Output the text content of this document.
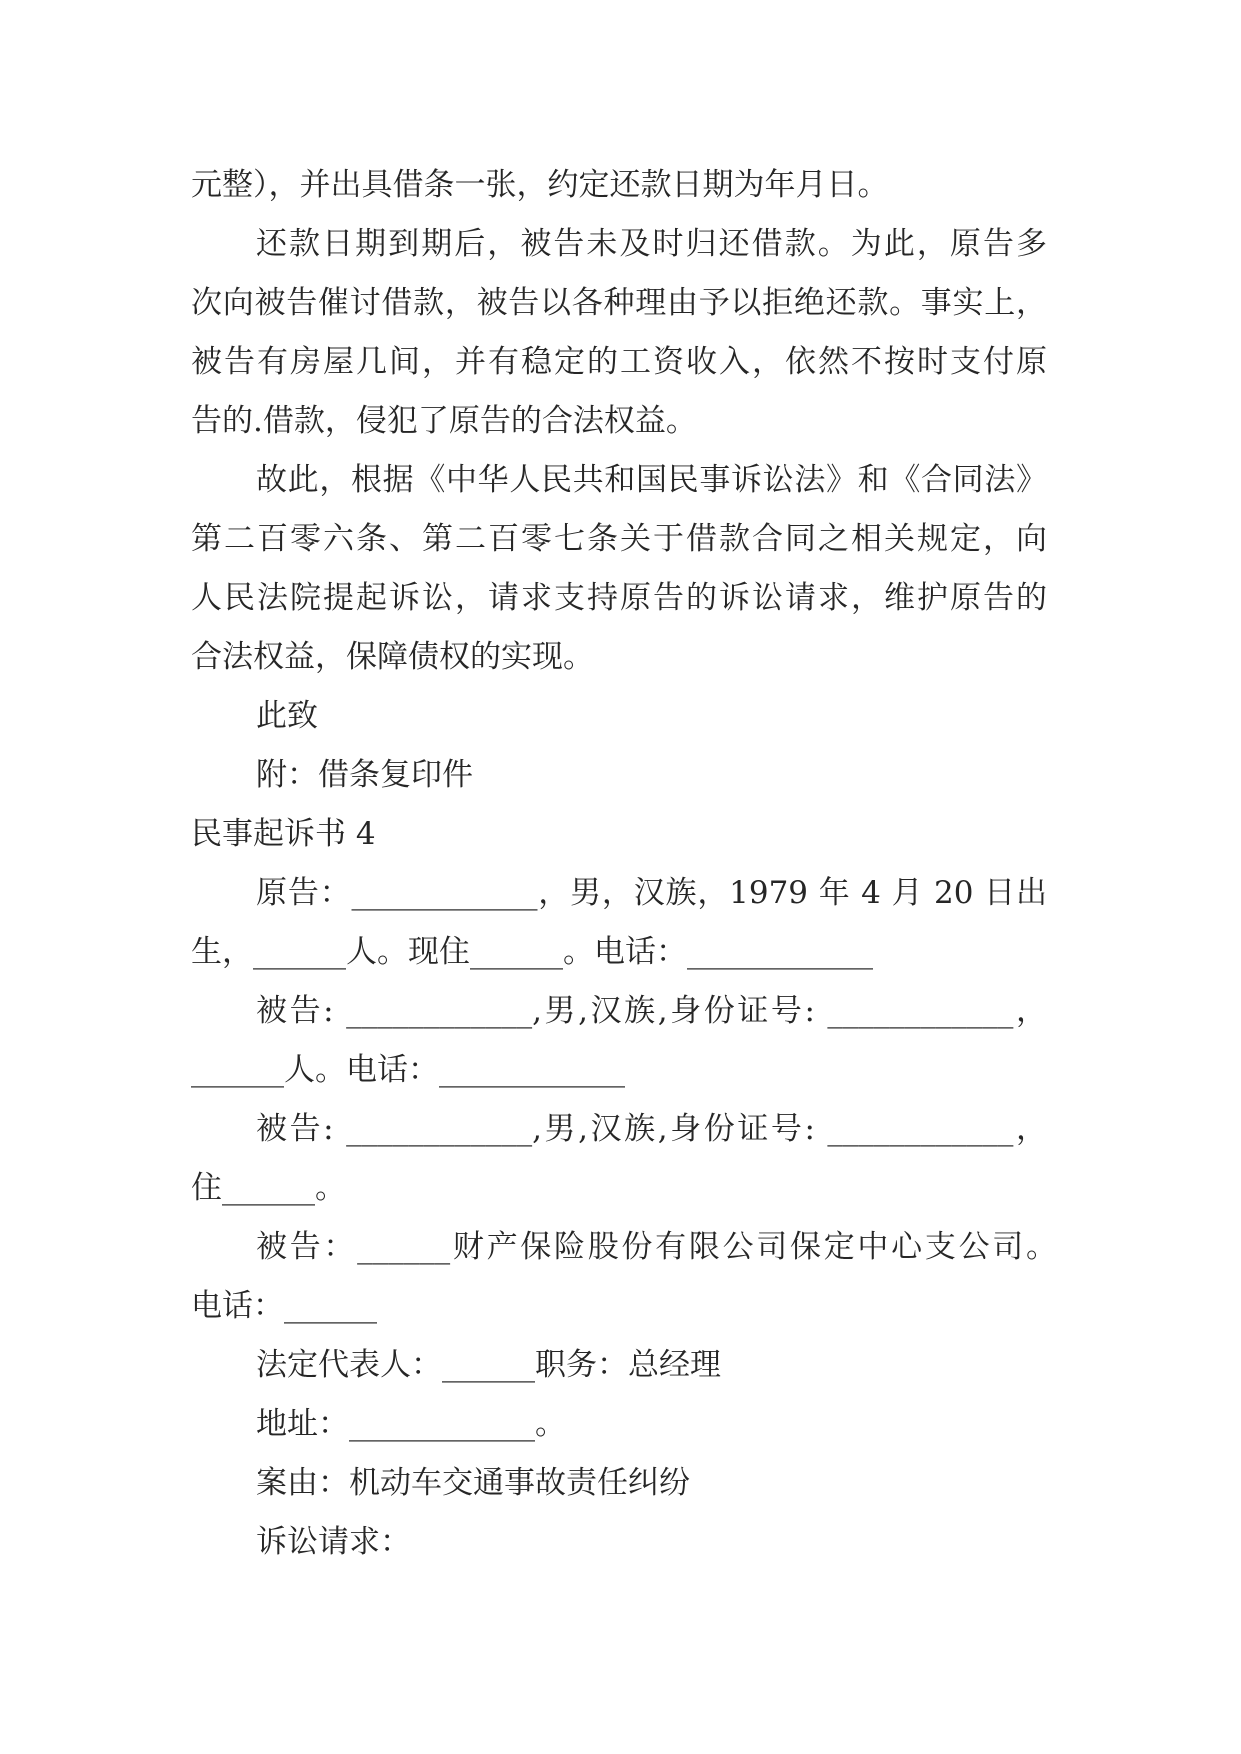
元整），并出具借条一张，约定还款日期为年月日。
还款日期到期后，被告未及时归还借款。为此，原告多
次向被告催讨借款，被告以各种理由予以拒绝还款。事实上，
被告有房屋几间，并有稳定的工资收入，依然不按时支付原
告的.借款，侵犯了原告的合法权益。
故此，根据《中华人民共和国民事诉讼法》和《合同法》
第二百零六条、第二百零七条关于借款合同之相关规定，向
人民法院提起诉讼，请求支持原告的诉讼请求，维护原告的
合法权益，保障债权的实现。
此致
附：借条复印件
民事起诉书 4
原告：____________，男，汉族，1979 年 4 月 20 日出
生，______人。现住______。电话：____________
被告: ____________,男,汉族,身份证号: ____________，
______人。电话：____________
被告: ____________,男,汉族,身份证号: ____________，
住______。
被告：______财产保险股份有限公司保定中心支公司。
电话：______
法定代表人：______职务：总经理
地址：____________。
案由：机动车交通事故责任纠纷
诉讼请求：
